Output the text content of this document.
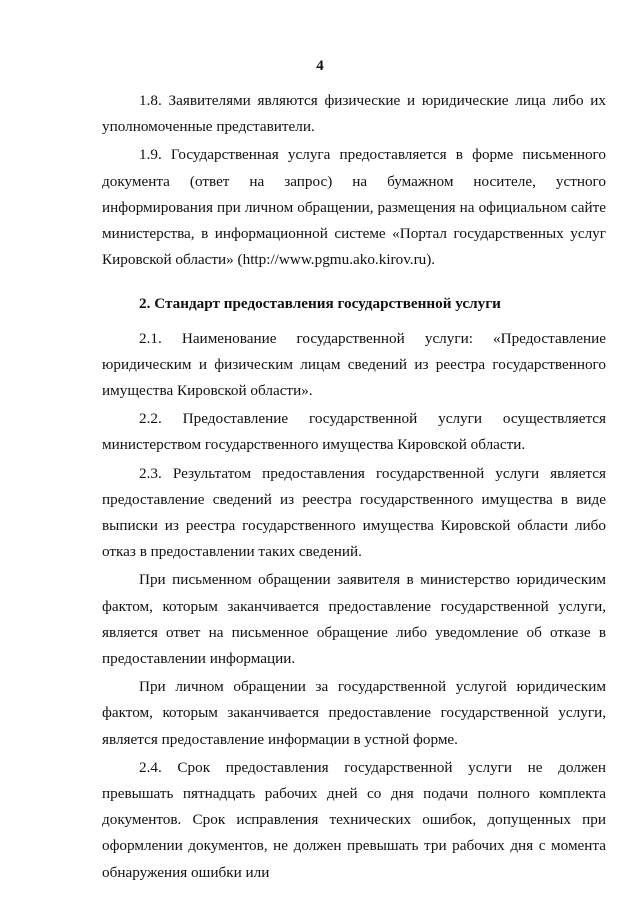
4

1.8. Заявителями являются физические и юридические лица либо их уполномоченные представители.

1.9. Государственная услуга предоставляется в форме письменного документа (ответ на запрос) на бумажном носителе, устного информирования при личном обращении, размещения на официальном сайте министерства, в информационной системе «Портал государственных услуг Кировской области» (http://www.pgmu.ako.kirov.ru).

2. Стандарт предоставления государственной услуги

2.1. Наименование государственной услуги: «Предоставление юридическим и физическим лицам сведений из реестра государственного имущества Кировской области».

2.2. Предоставление государственной услуги осуществляется министерством государственного имущества Кировской области.

2.3. Результатом предоставления государственной услуги является предоставление сведений из реестра государственного имущества в виде выписки из реестра государственного имущества Кировской области либо отказ в предоставлении таких сведений.

При письменном обращении заявителя в министерство юридическим фактом, которым заканчивается предоставление государственной услуги, является ответ на письменное обращение либо уведомление об отказе в предоставлении информации.

При личном обращении за государственной услугой юридическим фактом, которым заканчивается предоставление государственной услуги, является предоставление информации в устной форме.

2.4. Срок предоставления государственной услуги не должен превышать пятнадцать рабочих дней со дня подачи полного комплекта документов. Срок исправления технических ошибок, допущенных при оформлении документов, не должен превышать три рабочих дня с момента обнаружения ошибки или
